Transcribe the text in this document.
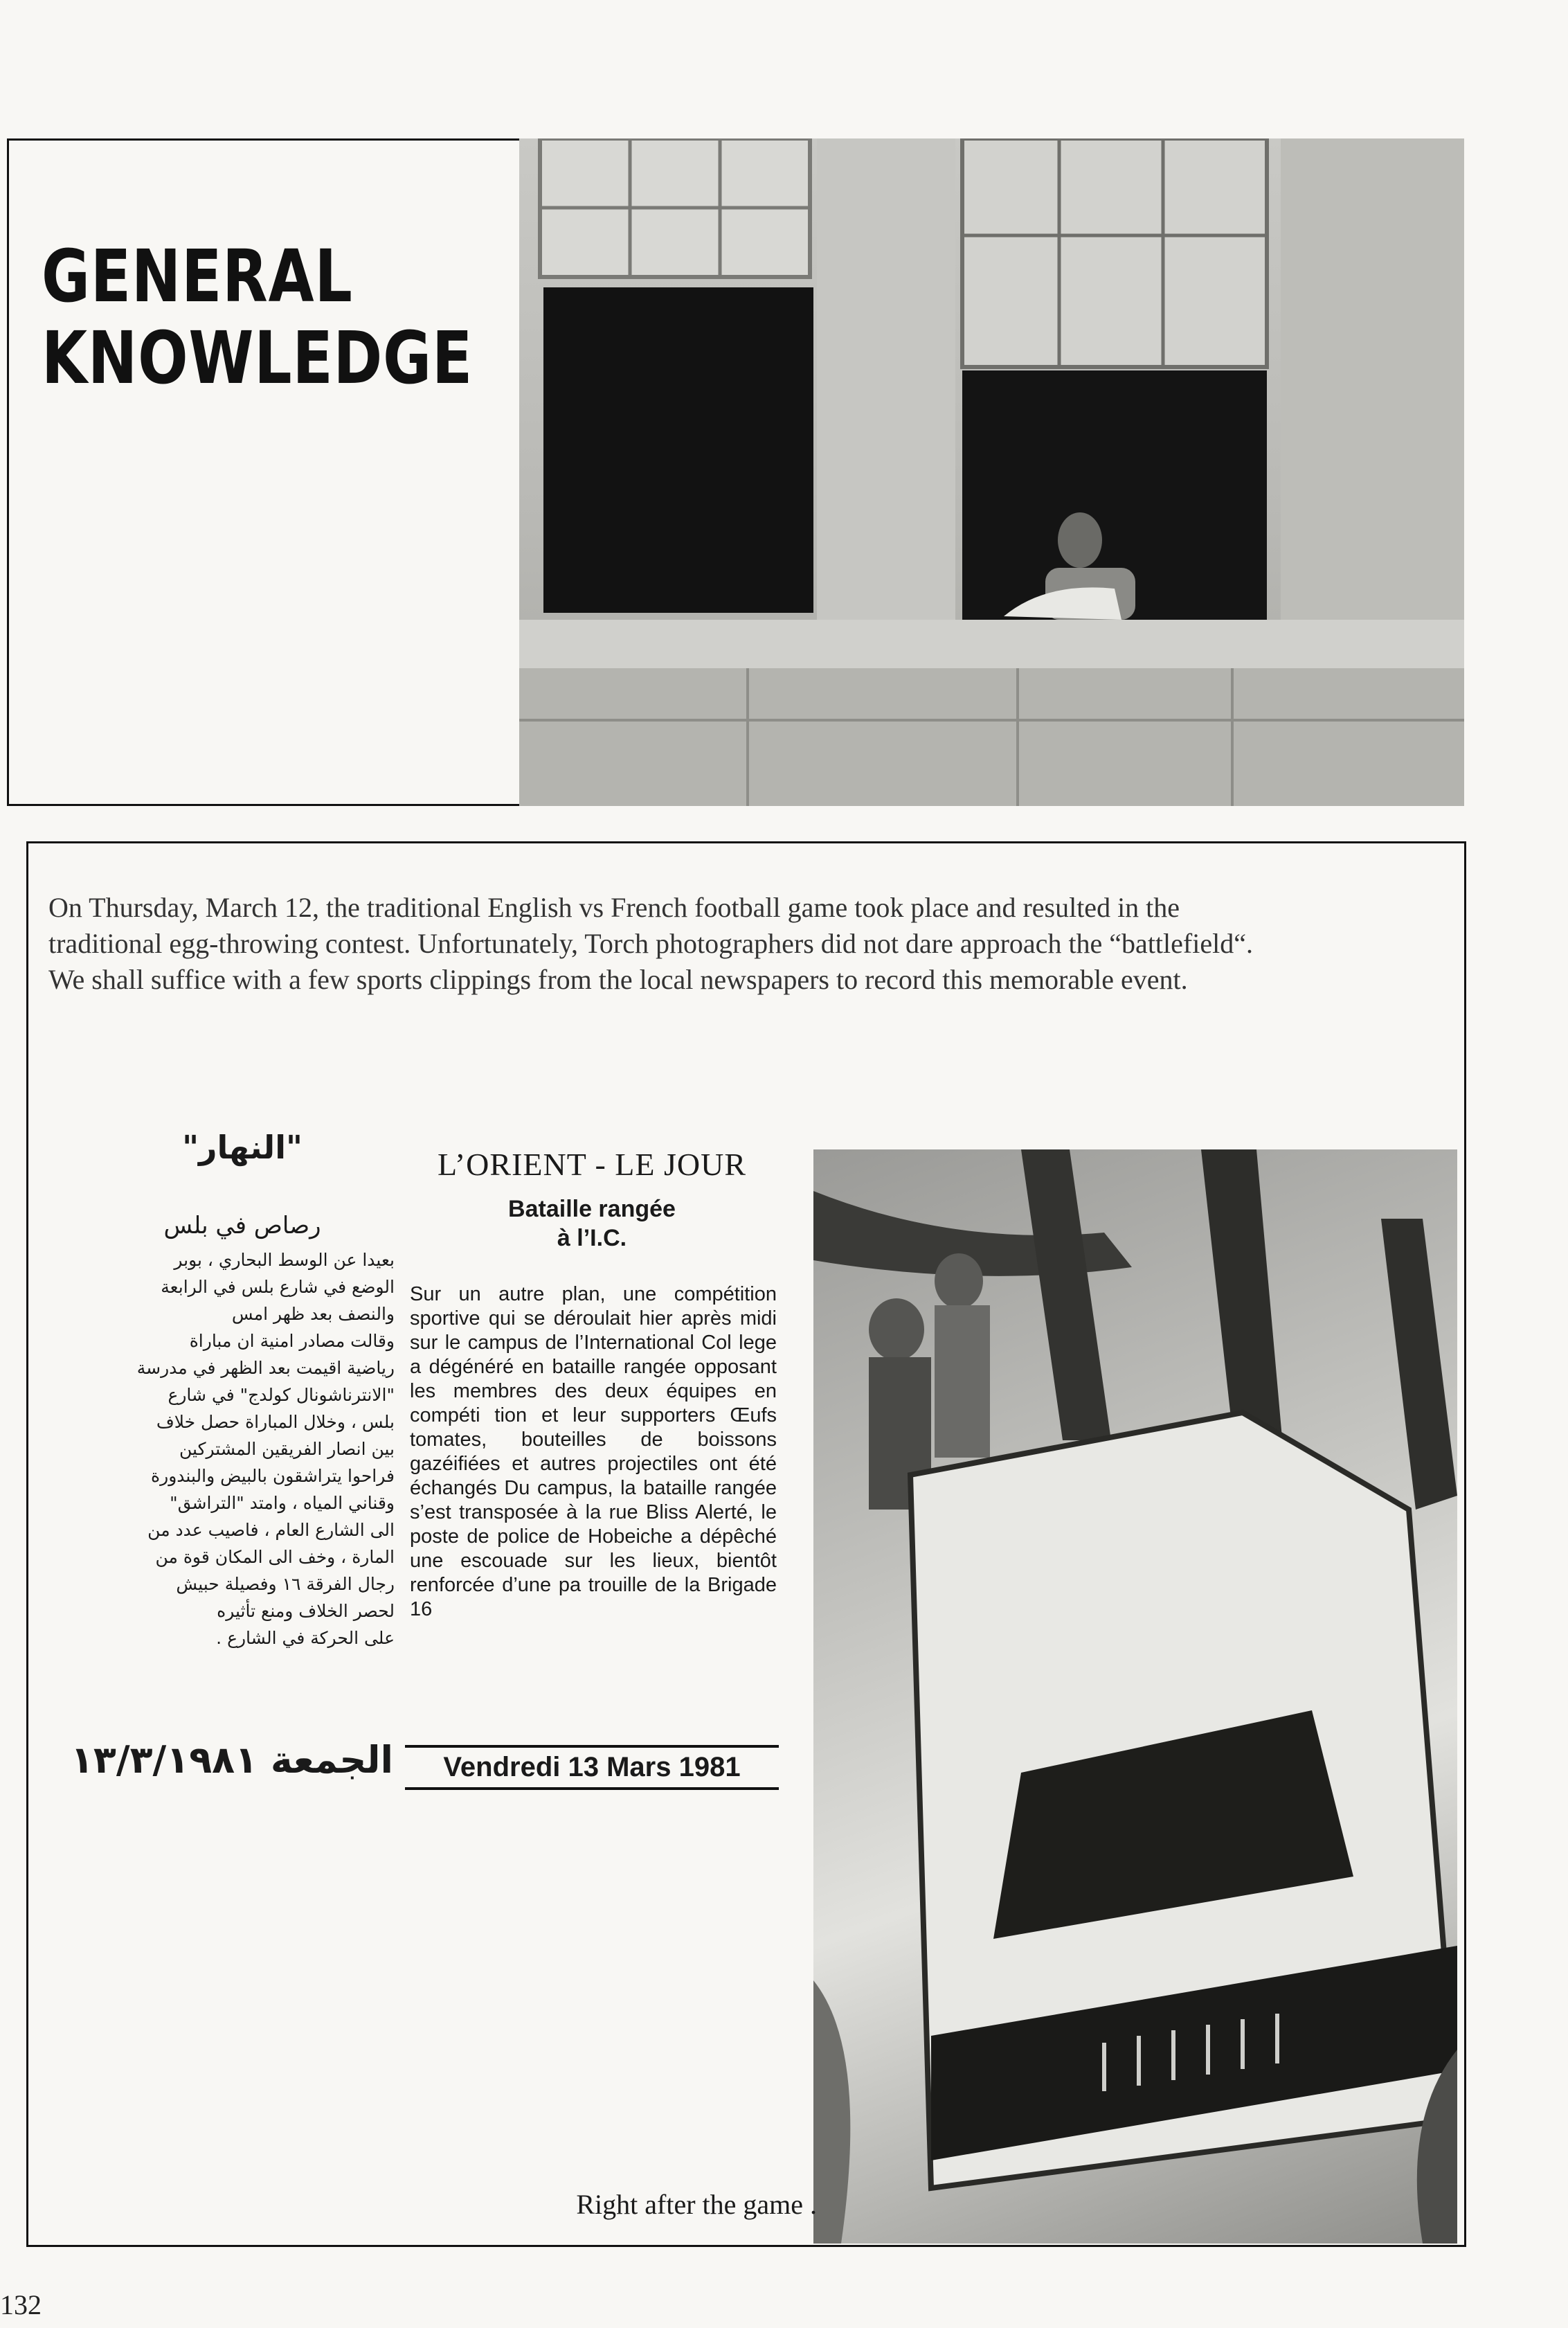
GENERAL
KNOWLEDGE
On Thursday, March 12, the traditional English vs French football game took place and resulted in the traditional egg-throwing contest. Unfortunately, Torch photographers did not dare approach the “battlefield“. We shall suffice with a few sports clippings from the local newspapers to record this memorable event.
"النهار"
رصاص في بلس
بعيدا عن الوسط البحاري ، بوبر
الوضع في شارع بلس في الرابعة
والنصف بعد ظهر امس
وقالت مصادر امنية ان مباراة
رياضية اقيمت بعد الظهر في مدرسة
"الانترناشونال كولدج" في شارع
بلس ، وخلال المباراة حصل خلاف
بين انصار الفريقين المشتركين
فراحوا يتراشقون بالبيض والبندورة
وقناني المياه ، وامتد "التراشق"
الى الشارع العام ، فاصيب عدد من
المارة ، وخف الى المكان قوة من
رجال الفرقة ١٦ وفصيلة حبيش
لحصر الخلاف ومنع تأثيره
على الحركة في الشارع .
الجمعة ١٣/٣/١٩٨١
L’ORIENT - LE JOUR
Bataille rangée
à l’I.C.
Sur un autre plan, une compétition sportive qui se déroulait hier après midi sur le campus de l’International Col lege a dégénéré en bataille rangée opposant les membres des deux équipes en compéti tion et leur supporters Œufs tomates, bouteilles de boissons gazéifiées et autres projectiles ont été échangés Du campus, la bataille rangée s’est transposée à la rue Bliss Alerté, le poste de police de Hobeiche a dépêché une escouade sur les lieux, bientôt renforcée d’une pa trouille de la Brigade 16
Vendredi 13 Mars 1981
Right after the game .
132
